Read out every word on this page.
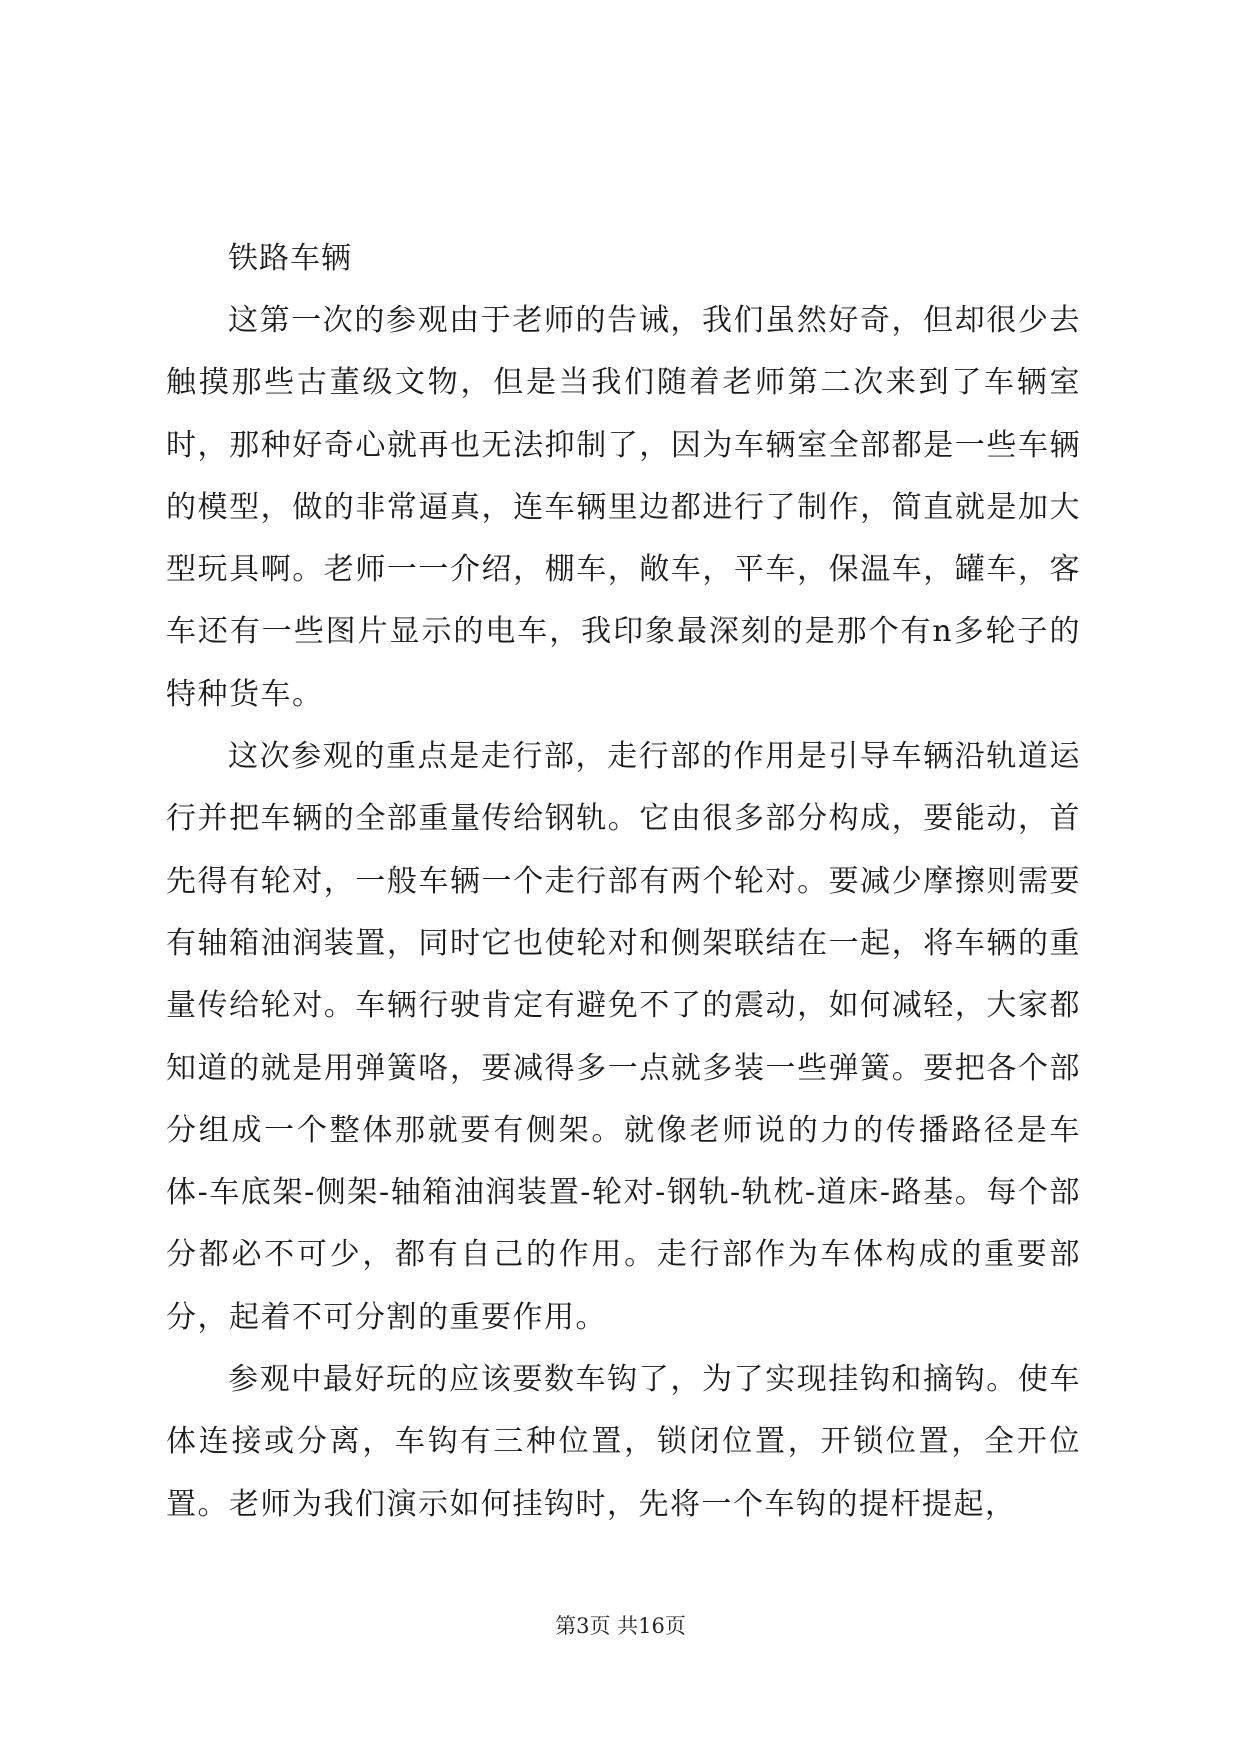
铁路车辆

这第一次的参观由于老师的告诫，我们虽然好奇，但却很少去触摸那些古董级文物，但是当我们随着老师第二次来到了车辆室时，那种好奇心就再也无法抑制了，因为车辆室全部都是一些车辆的模型，做的非常逼真，连车辆里边都进行了制作，简直就是加大型玩具啊。老师一一介绍，棚车，敞车，平车，保温车，罐车，客车还有一些图片显示的电车，我印象最深刻的是那个有n多轮子的特种货车。

这次参观的重点是走行部，走行部的作用是引导车辆沿轨道运行并把车辆的全部重量传给钢轨。它由很多部分构成，要能动，首先得有轮对，一般车辆一个走行部有两个轮对。要减少摩擦则需要有轴箱油润装置，同时它也使轮对和侧架联结在一起，将车辆的重量传给轮对。车辆行驶肯定有避免不了的震动，如何减轻，大家都知道的就是用弹簧咯，要减得多一点就多装一些弹簧。要把各个部分组成一个整体那就要有侧架。就像老师说的力的传播路径是车体-车底架-侧架-轴箱油润装置-轮对-钢轨-轨枕-道床-路基。每个部分都必不可少，都有自己的作用。走行部作为车体构成的重要部分，起着不可分割的重要作用。

参观中最好玩的应该要数车钩了，为了实现挂钩和摘钩。使车体连接或分离，车钩有三种位置，锁闭位置，开锁位置，全开位置。老师为我们演示如何挂钩时，先将一个车钩的提杆提起，

第3页 共16页
